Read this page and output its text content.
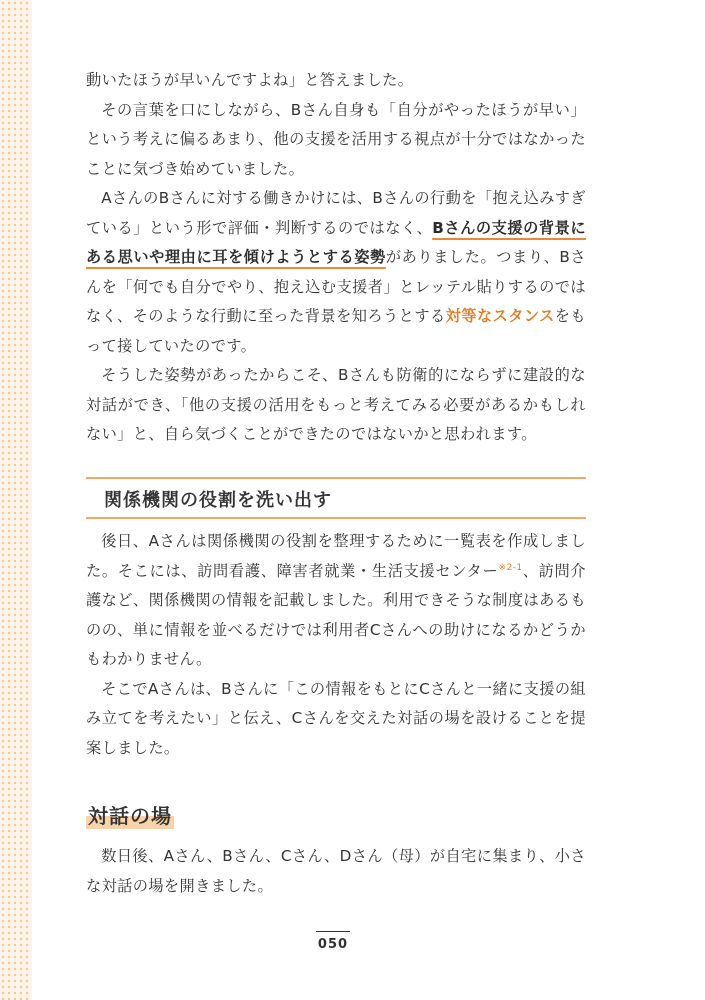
動いたほうが早いんですよね」と答えました。

その言葉を口にしながら、Bさん自身も「自分がやったほうが早い」という考えに偏るあまり、他の支援を活用する視点が十分ではなかったことに気づき始めていました。

AさんのBさんに対する働きかけには、Bさんの行動を「抱え込みすぎている」という形で評価・判断するのではなく、Bさんの支援の背景にある思いや理由に耳を傾けようとする姿勢がありました。つまり、Bさんを「何でも自分でやり、抱え込む支援者」とレッテル貼りするのではなく、そのような行動に至った背景を知ろうとする対等なスタンスをもって接していたのです。

そうした姿勢があったからこそ、Bさんも防衛的にならずに建設的な対話ができ、「他の支援の活用をもっと考えてみる必要があるかもしれない」と、自ら気づくことができたのではないかと思われます。

関係機関の役割を洗い出す

後日、Aさんは関係機関の役割を整理するために一覧表を作成しました。そこには、訪問看護、障害者就業・生活支援センター$^{※2-1}$、訪問介護など、関係機関の情報を記載しました。利用できそうな制度はあるものの、単に情報を並べるだけでは利用者Cさんへの助けになるかどうかもわかりません。

そこでAさんは、Bさんに「この情報をもとにCさんと一緒に支援の組み立てを考えたい」と伝え、Cさんを交えた対話の場を設けることを提案しました。

対話の場

数日後、Aさん、Bさん、Cさん、Dさん（母）が自宅に集まり、小さな対話の場を開きました。

050
